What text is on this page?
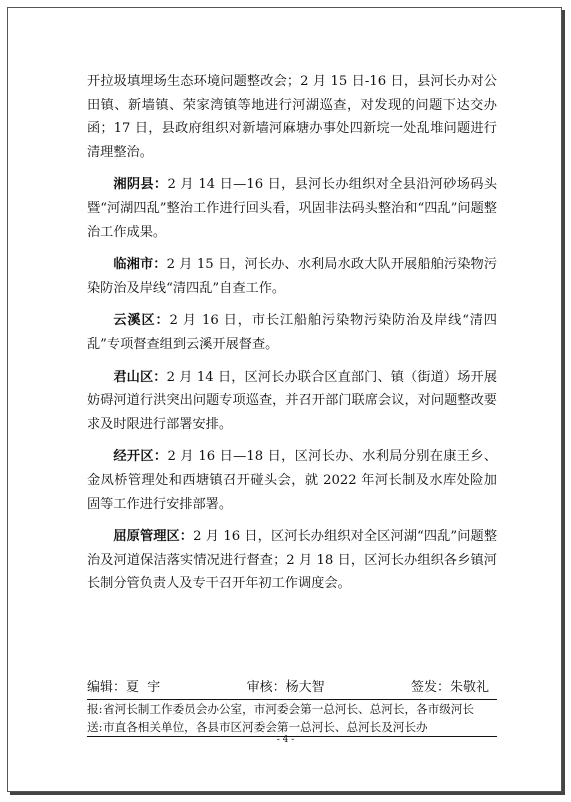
开拉圾填埋场生态环境问题整改会；2 月 15 日-16 日，县河长办对公田镇、新墙镇、荣家湾镇等地进行河湖巡查，对发现的问题下达交办函；17 日，县政府组织对新墙河麻塘办事处四新垸一处乱堆问题进行清理整治。

湘阴县：2 月 14 日—16 日，县河长办组织对全县沿河砂场码头暨“河湖四乱”整治工作进行回头看，巩固非法码头整治和“四乱”问题整治工作成果。

临湘市：2 月 15 日，河长办、水利局水政大队开展船舶污染物污染防治及岸线“清四乱”自查工作。

云溪区：2 月 16 日，市长江船舶污染物污染防治及岸线“清四乱”专项督查组到云溪开展督查。

君山区：2 月 14 日，区河长办联合区直部门、镇（街道）场开展妨碍河道行洪突出问题专项巡查，并召开部门联席会议，对问题整改要求及时限进行部署安排。

经开区：2 月 16 日—18 日，区河长办、水利局分别在康王乡、金凤桥管理处和西塘镇召开碰头会，就 2022 年河长制及水库处险加固等工作进行安排部署。

屈原管理区：2 月 16 日，区河长办组织对全区河湖“四乱”问题整治及河道保洁落实情况进行督查；2 月 18 日，区河长办组织各乡镇河长制分管负责人及专干召开年初工作调度会。

编辑：夏  宇	审核：杨大智	签发：朱敬礼
报: 省河长制工作委员会办公室，市河委会第一总河长、总河长，各市级河长
送: 市直各相关单位，各县市区河委会第一总河长、总河长及河长办
- 4 -
